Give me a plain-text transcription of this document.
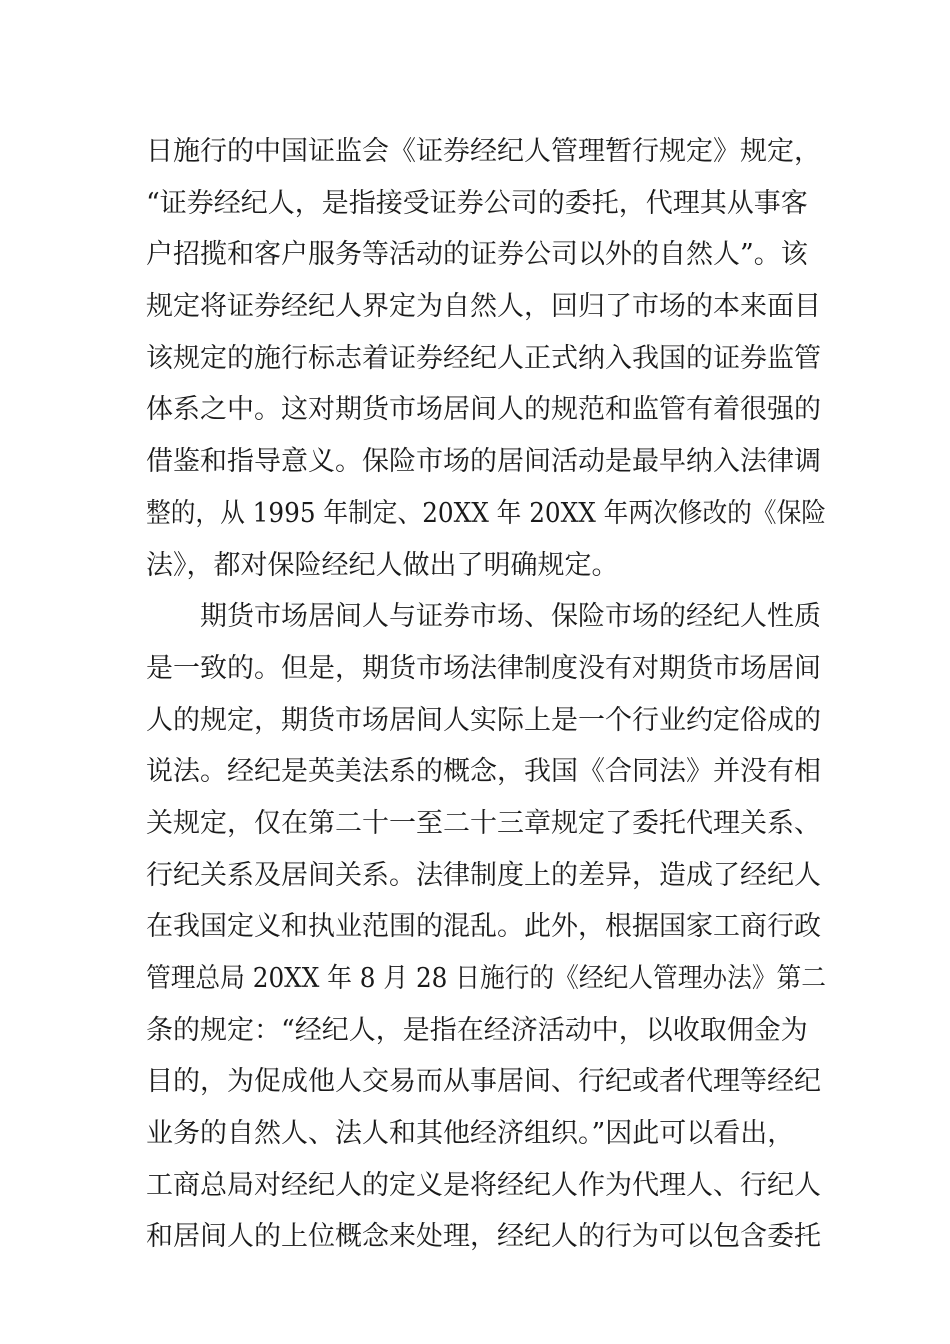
日施行的中国证监会《证券经纪人管理暂行规定》规定，
“证券经纪人，是指接受证券公司的委托，代理其从事客
户招揽和客户服务等活动的证券公司以外的自然人”。该
规定将证券经纪人界定为自然人，回归了市场的本来面目
该规定的施行标志着证券经纪人正式纳入我国的证券监管
体系之中。这对期货市场居间人的规范和监管有着很强的
借鉴和指导意义。保险市场的居间活动是最早纳入法律调
整的，从 1995 年制定、20XX 年 20XX 年两次修改的《保险
法》，都对保险经纪人做出了明确规定。
期货市场居间人与证券市场、保险市场的经纪人性质
是一致的。但是，期货市场法律制度没有对期货市场居间
人的规定，期货市场居间人实际上是一个行业约定俗成的
说法。经纪是英美法系的概念，我国《合同法》并没有相
关规定，仅在第二十一至二十三章规定了委托代理关系、
行纪关系及居间关系。法律制度上的差异，造成了经纪人
在我国定义和执业范围的混乱。此外，根据国家工商行政
管理总局 20XX 年 8 月 28 日施行的《经纪人管理办法》第二
条的规定：“经纪人，是指在经济活动中，以收取佣金为
目的，为促成他人交易而从事居间、行纪或者代理等经纪
业务的自然人、法人和其他经济组织。”因此可以看出，
工商总局对经纪人的定义是将经纪人作为代理人、行纪人
和居间人的上位概念来处理，经纪人的行为可以包含委托
